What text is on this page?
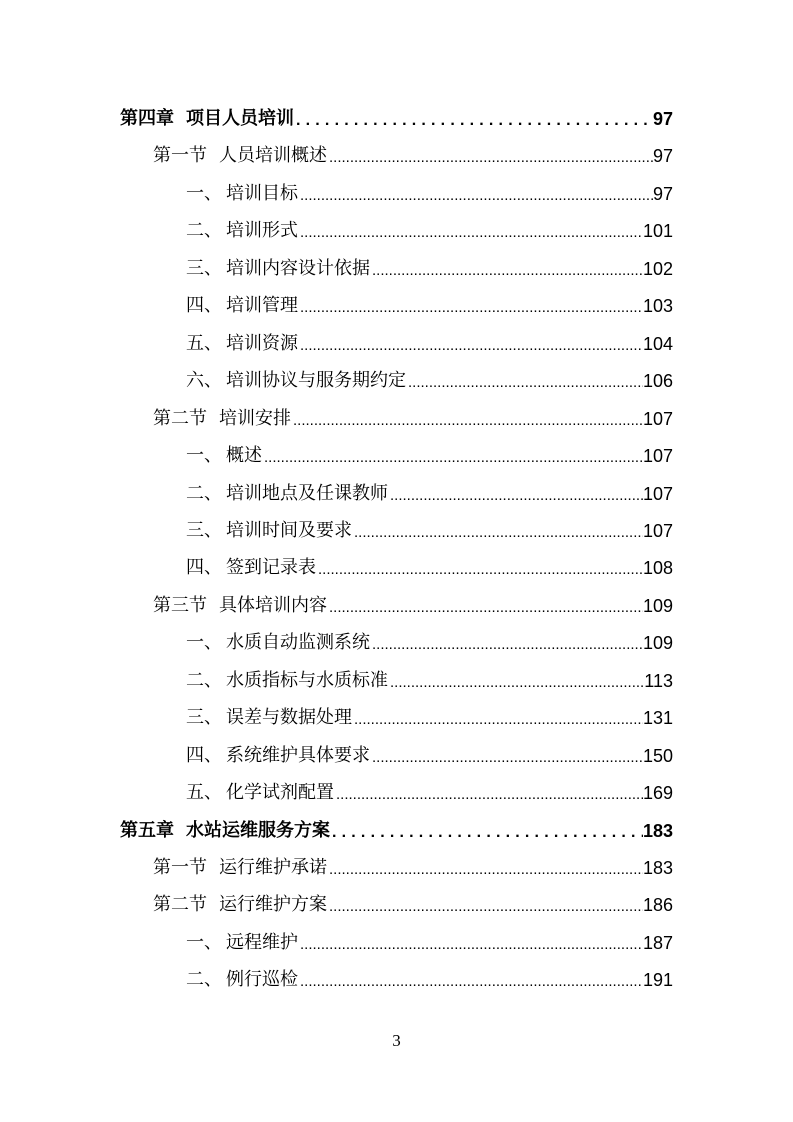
第四章 项目人员培训 .....	97
第一节 人员培训概述 .....	97
一、 培训目标 .....	97
二、 培训形式 .....	101
三、 培训内容设计依据 .....	102
四、 培训管理 .....	103
五、 培训资源 .....	104
六、 培训协议与服务期约定 .....	106
第二节 培训安排 .....	107
一、 概述 .....	107
二、 培训地点及任课教师 .....	107
三、 培训时间及要求 .....	107
四、 签到记录表 .....	108
第三节 具体培训内容 .....	109
一、 水质自动监测系统 .....	109
二、 水质指标与水质标准 .....	113
三、 误差与数据处理 .....	131
四、 系统维护具体要求 .....	150
五、 化学试剂配置 .....	169
第五章 水站运维服务方案 .....	183
第一节 运行维护承诺 .....	183
第二节 运行维护方案 .....	186
一、 远程维护 .....	187
二、 例行巡检 .....	191
3
